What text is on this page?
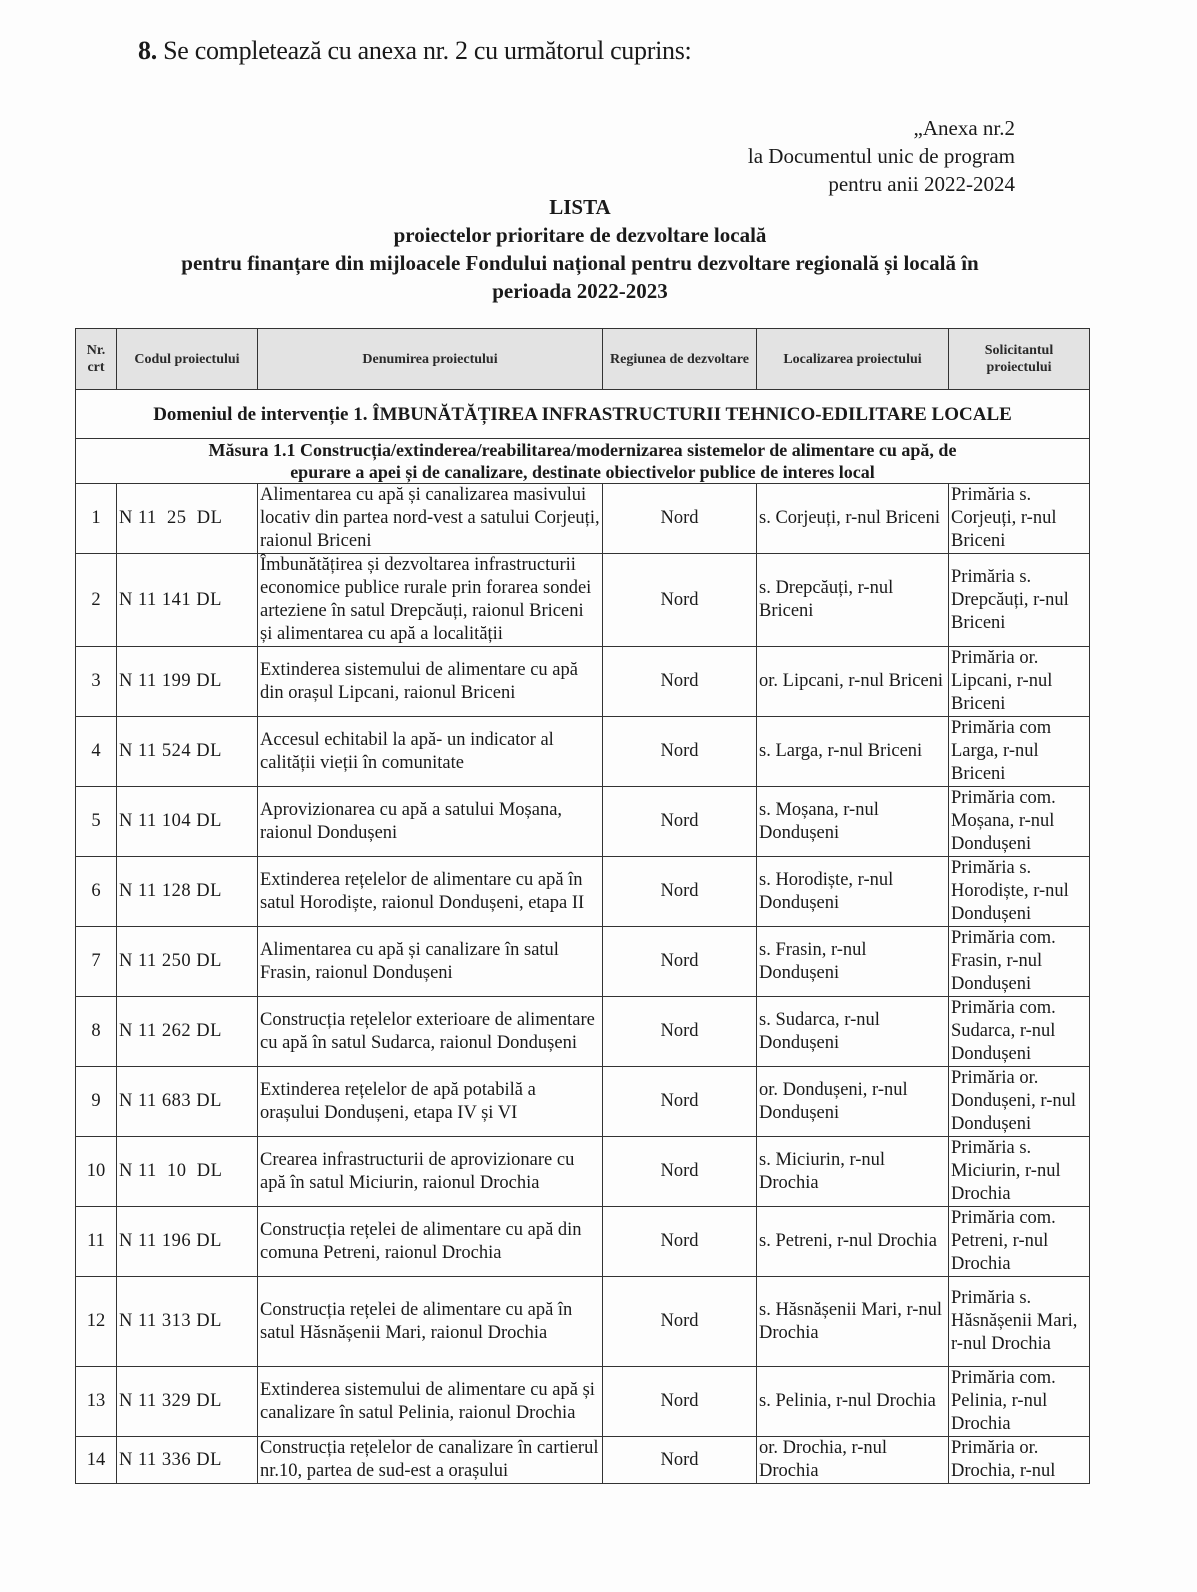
8. Se completează cu anexa nr. 2 cu următorul cuprins:
„Anexa nr.2
la Documentul unic de program
pentru anii 2022-2024
LISTA
proiectelor prioritare de dezvoltare locală
pentru finanțare din mijloacele Fondului național pentru dezvoltare regională și locală în
perioada 2022-2023
Nr. crt	Codul proiectului	Denumirea proiectului	Regiunea de dezvoltare	Localizarea proiectului	Solicitantul proiectului
Domeniul de intervenție 1. ÎMBUNĂTĂȚIREA INFRASTRUCTURII TEHNICO-EDILITARE LOCALE					
Măsura 1.1 Construcția/extinderea/reabilitarea/modernizarea sistemelor de alimentare cu apă, de epurare a apei și de canalizare, destinate obiectivelor publice de interes local					
1	N 11  25  DL	Alimentarea cu apă și canalizarea masivului locativ din partea nord-vest a satului Corjeuți, raionul Briceni	Nord	s. Corjeuți, r-nul Briceni	Primăria s. Corjeuți, r-nul Briceni
2	N 11 141 DL	Îmbunătățirea și dezvoltarea infrastructurii economice publice rurale prin forarea sondei arteziene în satul Drepcăuți, raionul Briceni și alimentarea cu apă a localității	Nord	s. Drepcăuți, r-nul Briceni	Primăria s. Drepcăuți, r-nul Briceni
3	N 11 199 DL	Extinderea sistemului de alimentare cu apă din orașul Lipcani, raionul Briceni	Nord	or. Lipcani, r-nul Briceni	Primăria or. Lipcani, r-nul Briceni
4	N 11 524 DL	Accesul echitabil la apă- un indicator al calității vieții în comunitate	Nord	s. Larga, r-nul Briceni	Primăria com Larga, r-nul Briceni
5	N 11 104 DL	Aprovizionarea cu apă a satului Moșana, raionul Dondușeni	Nord	s. Moșana, r-nul Dondușeni	Primăria com. Moșana, r-nul Dondușeni
6	N 11 128 DL	Extinderea rețelelor de alimentare cu apă în satul Horodiște, raionul Dondușeni, etapa II	Nord	s. Horodiște, r-nul Dondușeni	Primăria s. Horodiște, r-nul Dondușeni
7	N 11 250 DL	Alimentarea cu apă și canalizare în satul Frasin, raionul Dondușeni	Nord	s. Frasin, r-nul Dondușeni	Primăria com. Frasin, r-nul Dondușeni
8	N 11 262 DL	Construcția rețelelor exterioare de alimentare cu apă în satul Sudarca, raionul Dondușeni	Nord	s. Sudarca, r-nul Dondușeni	Primăria com. Sudarca, r-nul Dondușeni
9	N 11 683 DL	Extinderea rețelelor de apă potabilă a orașului Dondușeni, etapa IV și VI	Nord	or. Dondușeni, r-nul Dondușeni	Primăria or. Dondușeni, r-nul Dondușeni
10	N 11  10  DL	Crearea infrastructurii de aprovizionare cu apă în satul Miciurin, raionul Drochia	Nord	s. Miciurin, r-nul Drochia	Primăria s. Miciurin, r-nul Drochia
11	N 11 196 DL	Construcția rețelei de alimentare cu apă din comuna Petreni, raionul Drochia	Nord	s. Petreni, r-nul Drochia	Primăria com. Petreni, r-nul Drochia
12	N 11 313 DL	Construcția rețelei de alimentare cu apă în satul Hăsnășenii Mari, raionul Drochia	Nord	s. Hăsnășenii Mari, r-nul Drochia	Primăria s. Hăsnășenii Mari, r-nul Drochia
13	N 11 329 DL	Extinderea sistemului de alimentare cu apă și canalizare în satul Pelinia, raionul Drochia	Nord	s. Pelinia, r-nul Drochia	Primăria com. Pelinia, r-nul Drochia
14	N 11 336 DL	Construcția rețelelor de canalizare în cartierul nr.10, partea de sud-est a orașului	Nord	or. Drochia, r-nul Drochia	Primăria or. Drochia, r-nul
